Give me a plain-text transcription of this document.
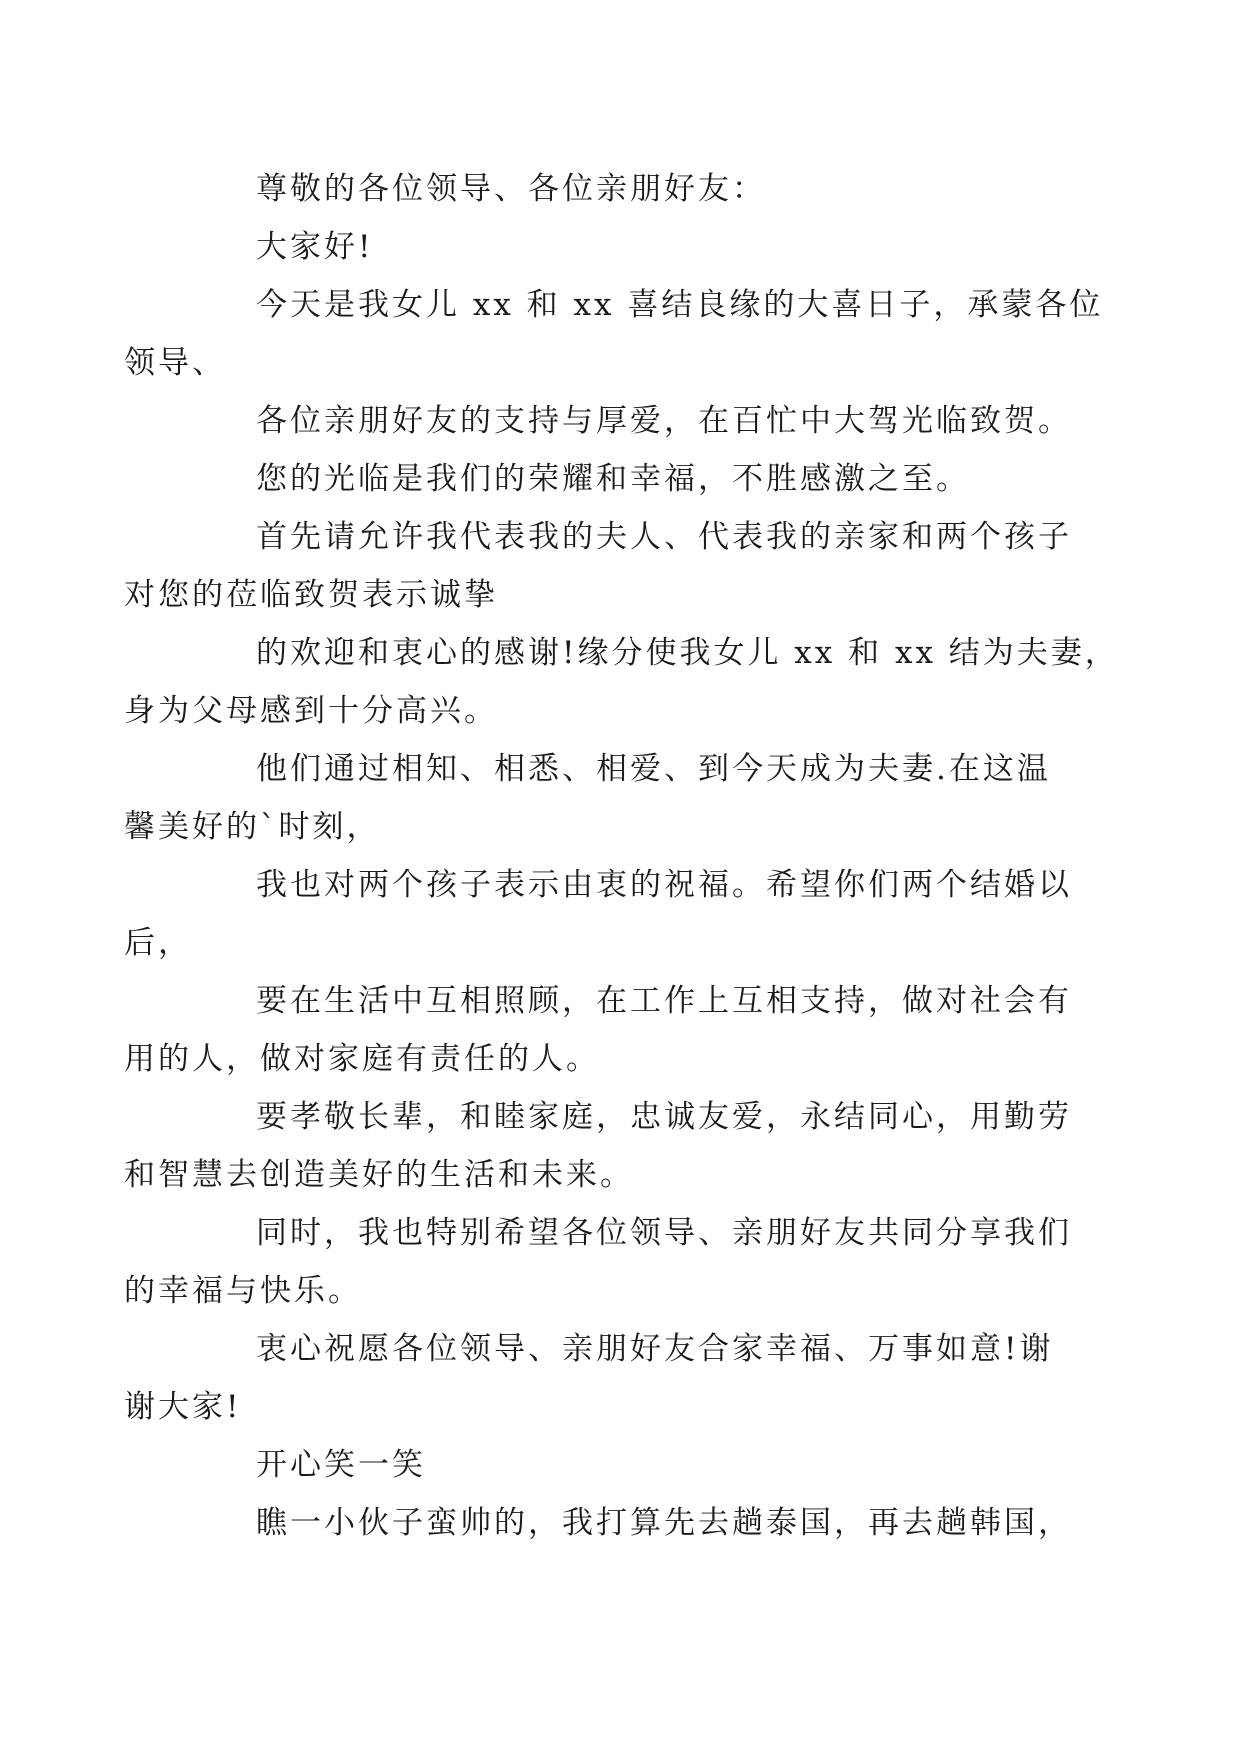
尊敬的各位领导、各位亲朋好友：

大家好!

今天是我女儿 xx 和 xx 喜结良缘的大喜日子，承蒙各位
领导、

各位亲朋好友的支持与厚爱，在百忙中大驾光临致贺。

您的光临是我们的荣耀和幸福，不胜感激之至。

首先请允许我代表我的夫人、代表我的亲家和两个孩子
对您的莅临致贺表示诚挚

的欢迎和衷心的感谢!缘分使我女儿 xx 和 xx 结为夫妻，
身为父母感到十分高兴。

他们通过相知、相悉、相爱、到今天成为夫妻.在这温
馨美好的`时刻，

我也对两个孩子表示由衷的祝福。希望你们两个结婚以
后，

要在生活中互相照顾，在工作上互相支持，做对社会有
用的人，做对家庭有责任的人。

要孝敬长辈，和睦家庭，忠诚友爱，永结同心，用勤劳
和智慧去创造美好的生活和未来。

同时，我也特别希望各位领导、亲朋好友共同分享我们
的幸福与快乐。

衷心祝愿各位领导、亲朋好友合家幸福、万事如意!谢
谢大家!

开心笑一笑

瞧一小伙子蛮帅的，我打算先去趟泰国，再去趟韩国，
